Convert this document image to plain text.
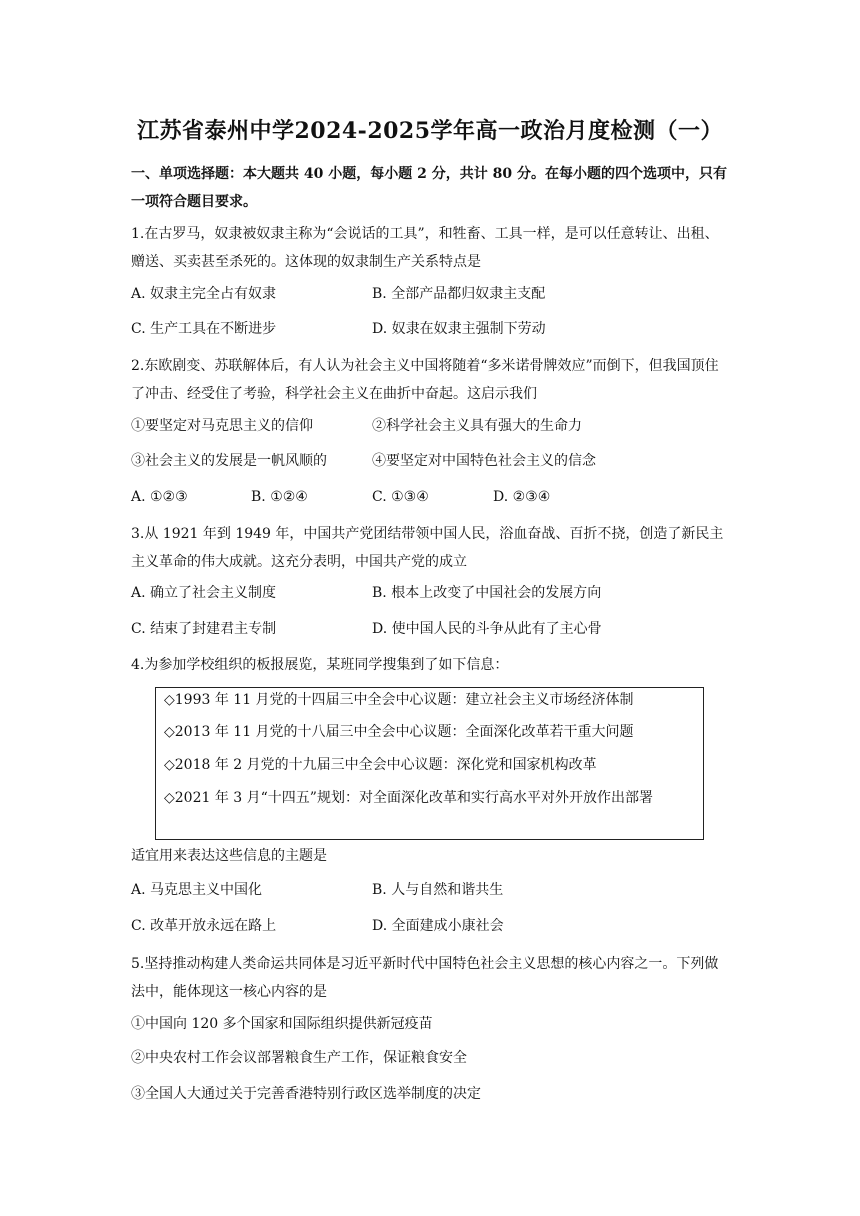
江苏省泰州中学2024-2025学年高一政治月度检测（一）
一、单项选择题：本大题共 40 小题，每小题 2 分，共计 80 分。在每小题的四个选项中，只有一项符合题目要求。
1.在古罗马，奴隶被奴隶主称为“会说话的工具”，和牲畜、工具一样，是可以任意转让、出租、赠送、买卖甚至杀死的。这体现的奴隶制生产关系特点是
A. 奴隶主完全占有奴隶	B. 全部产品都归奴隶主支配
C. 生产工具在不断进步	D. 奴隶在奴隶主强制下劳动
2.东欧剧变、苏联解体后，有人认为社会主义中国将随着“多米诺骨牌效应”而倒下，但我国顶住了冲击、经受住了考验，科学社会主义在曲折中奋起。这启示我们
①要坚定对马克思主义的信仰	②科学社会主义具有强大的生命力
③社会主义的发展是一帆风顺的	④要坚定对中国特色社会主义的信念
A. ①②③	B. ①②④	C. ①③④	D. ②③④
3.从 1921 年到 1949 年，中国共产党团结带领中国人民，浴血奋战、百折不挠，创造了新民主主义革命的伟大成就。这充分表明，中国共产党的成立
A. 确立了社会主义制度	B. 根本上改变了中国社会的发展方向
C. 结束了封建君主专制	D. 使中国人民的斗争从此有了主心骨
4.为参加学校组织的板报展览，某班同学搜集到了如下信息：
◇1993 年 11 月党的十四届三中全会中心议题：建立社会主义市场经济体制
◇2013 年 11 月党的十八届三中全会中心议题：全面深化改革若干重大问题
◇2018 年 2 月党的十九届三中全会中心议题：深化党和国家机构改革
◇2021 年 3 月“十四五”规划：对全面深化改革和实行高水平对外开放作出部署
适宜用来表达这些信息的主题是
A. 马克思主义中国化	B. 人与自然和谐共生
C. 改革开放永远在路上	D. 全面建成小康社会
5.坚持推动构建人类命运共同体是习近平新时代中国特色社会主义思想的核心内容之一。下列做法中，能体现这一核心内容的是
①中国向 120 多个国家和国际组织提供新冠疫苗
②中央农村工作会议部署粮食生产工作，保证粮食安全
③全国人大通过关于完善香港特别行政区选举制度的决定
